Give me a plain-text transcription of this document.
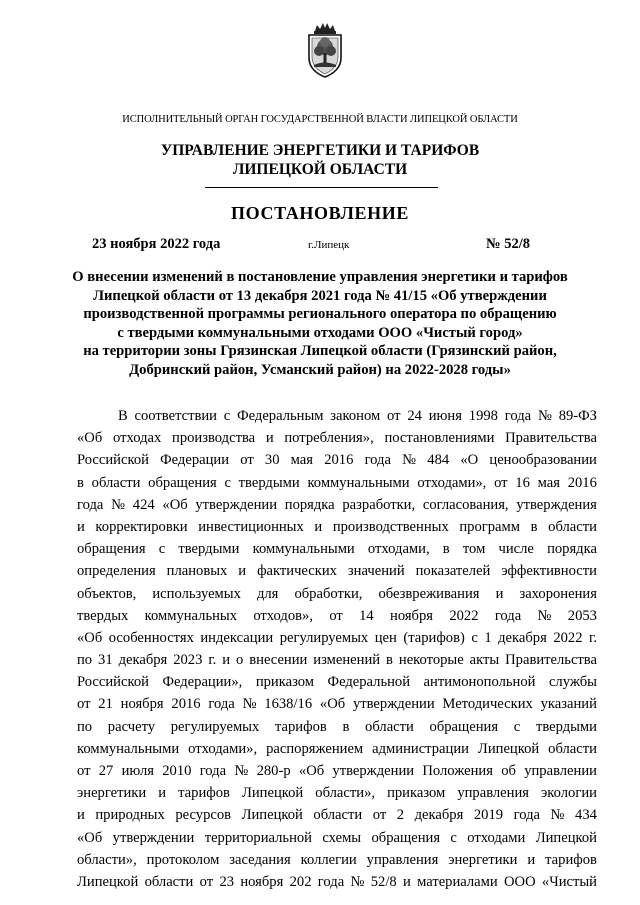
ИСПОЛНИТЕЛЬНЫЙ ОРГАН ГОСУДАРСТВЕННОЙ ВЛАСТИ ЛИПЕЦКОЙ ОБЛАСТИ
УПРАВЛЕНИЕ ЭНЕРГЕТИКИ И ТАРИФОВ
ЛИПЕЦКОЙ ОБЛАСТИ
ПОСТАНОВЛЕНИЕ
23 ноября 2022 года	г.Липецк	№ 52/8
О внесении изменений в постановление управления энергетики и тарифов
Липецкой области от 13 декабря 2021 года № 41/15 «Об утверждении
производственной программы регионального оператора по обращению
с твердыми коммунальными отходами ООО «Чистый город»
на территории зоны Грязинская Липецкой области (Грязинский район,
Добринский район, Усманский район) на 2022-2028 годы»
В соответствии с Федеральным законом от 24 июня 1998 года № 89-ФЗ
«Об отходах производства и потребления», постановлениями Правительства
Российской Федерации от 30 мая 2016 года № 484 «О ценообразовании
в области обращения с твердыми коммунальными отходами», от 16 мая 2016
года № 424 «Об утверждении порядка разработки, согласования, утверждения
и корректировки инвестиционных и производственных программ в области
обращения с твердыми коммунальными отходами, в том числе порядка
определения плановых и фактических значений показателей эффективности
объектов, используемых для обработки, обезвреживания и захоронения
твердых коммунальных отходов», от 14 ноября 2022 года № 2053
«Об особенностях индексации регулируемых цен (тарифов) с 1 декабря 2022 г.
по 31 декабря 2023 г. и о внесении изменений в некоторые акты Правительства
Российской Федерации», приказом Федеральной антимонопольной службы
от 21 ноября 2016 года № 1638/16 «Об утверждении Методических указаний
по расчету регулируемых тарифов в области обращения с твердыми
коммунальными отходами», распоряжением администрации Липецкой области
от 27 июля 2010 года № 280-р «Об утверждении Положения об управлении
энергетики и тарифов Липецкой области», приказом управления экологии
и природных ресурсов Липецкой области от 2 декабря 2019 года № 434
«Об утверждении территориальной схемы обращения с отходами Липецкой
области», протоколом заседания коллегии управления энергетики и тарифов
Липецкой области от 23 ноября 202 года № 52/8 и материалами ООО «Чистый
